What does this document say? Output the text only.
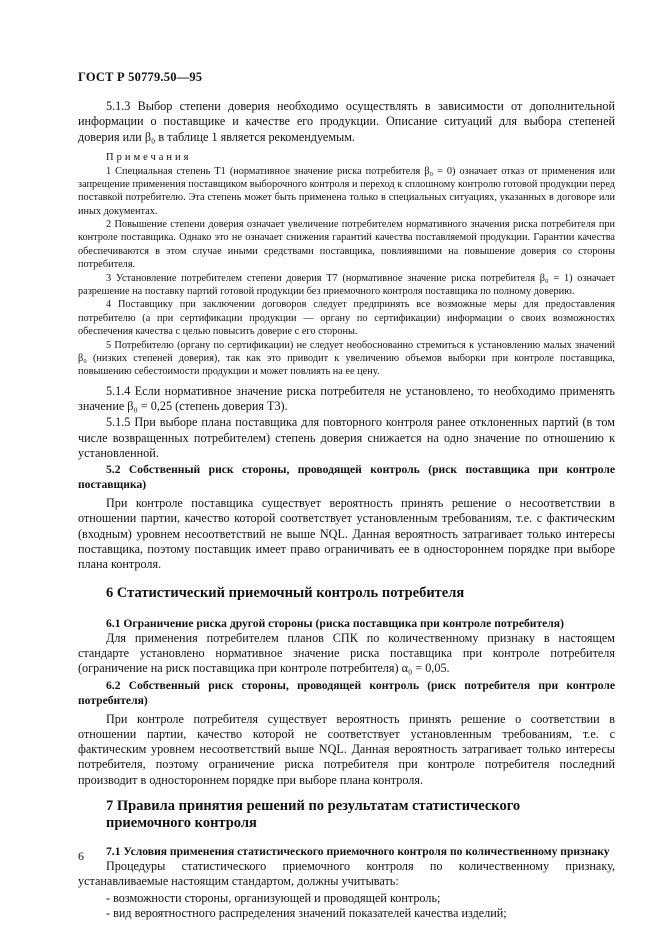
ГОСТ Р 50779.50—95

5.1.3 Выбор степени доверия необходимо осуществлять в зависимости от дополнительной информации о поставщике и качестве его продукции. Описание ситуаций для выбора степеней доверия или β₀ в таблице 1 является рекомендуемым.

Примечания

1 Специальная степень Т1 (нормативное значение риска потребителя β₀ = 0) означает отказ от применения или запрещение применения поставщиком выборочного контроля и переход к сплошному контролю готовой продукции перед поставкой потребителю. Эта степень может быть применена только в специальных ситуациях, указанных в договоре или иных документах.

2 Повышение степени доверия означает увеличение потребителем нормативного значения риска потребителя при контроле поставщика. Однако это не означает снижения гарантий качества поставляемой продукции. Гарантии качества обеспечиваются в этом случае иными средствами поставщика, повлиявшими на повышение доверия со стороны потребителя.

3 Установление потребителем степени доверия Т7 (нормативное значение риска потребителя β₀ = 1) означает разрешение на поставку партий готовой продукции без приемочного контроля поставщика по полному доверию.

4 Поставщику при заключении договоров следует предпринять все возможные меры для предоставления потребителю (а при сертификации продукции — органу по сертификации) информации о своих возможностях обеспечения качества с целью повысить доверие с его стороны.

5 Потребителю (органу по сертификации) не следует необоснованно стремиться к установлению малых значений β₀ (низких степеней доверия), так как это приводит к увеличению объемов выборки при контроле поставщика, повышению себестоимости продукции и может повлиять на ее цену.

5.1.4 Если нормативное значение риска потребителя не установлено, то необходимо применять значение β₀ = 0,25 (степень доверия Т3).

5.1.5 При выборе плана поставщика для повторного контроля ранее отклоненных партий (в том числе возвращенных потребителем) степень доверия снижается на одно значение по отношению к установленной.

5.2 Собственный риск стороны, проводящей контроль (риск поставщика при контроле поставщика)

При контроле поставщика существует вероятность принять решение о несоответствии в отношении партии, качество которой соответствует установленным требованиям, т.е. с фактическим (входным) уровнем несоответствий не выше NQL. Данная вероятность затрагивает только интересы поставщика, поэтому поставщик имеет право ограничивать ее в одностороннем порядке при выборе плана контроля.

6 Статистический приемочный контроль потребителя

6.1 Ограничение риска другой стороны (риска поставщика при контроле потребителя)

Для применения потребителем планов СПК по количественному признаку в настоящем стандарте установлено нормативное значение риска поставщика при контроле потребителя (ограничение на риск поставщика при контроле потребителя) α₀ = 0,05.

6.2 Собственный риск стороны, проводящей контроль (риск потребителя при контроле потребителя)

При контроле потребителя существует вероятность принять решение о соответствии в отношении партии, качество которой не соответствует установленным требованиям, т.е. с фактическим уровнем несоответствий выше NQL. Данная вероятность затрагивает только интересы потребителя, поэтому ограничение риска потребителя при контроле потребителя последний производит в одностороннем порядке при выборе плана контроля.

7 Правила принятия решений по результатам статистического приемочного контроля

7.1 Условия применения статистического приемочного контроля по количественному признаку

Процедуры статистического приемочного контроля по количественному признаку, устанавливаемые настоящим стандартом, должны учитывать:

- возможности стороны, организующей и проводящей контроль;

- вид вероятностного распределения значений показателей качества изделий;

6
